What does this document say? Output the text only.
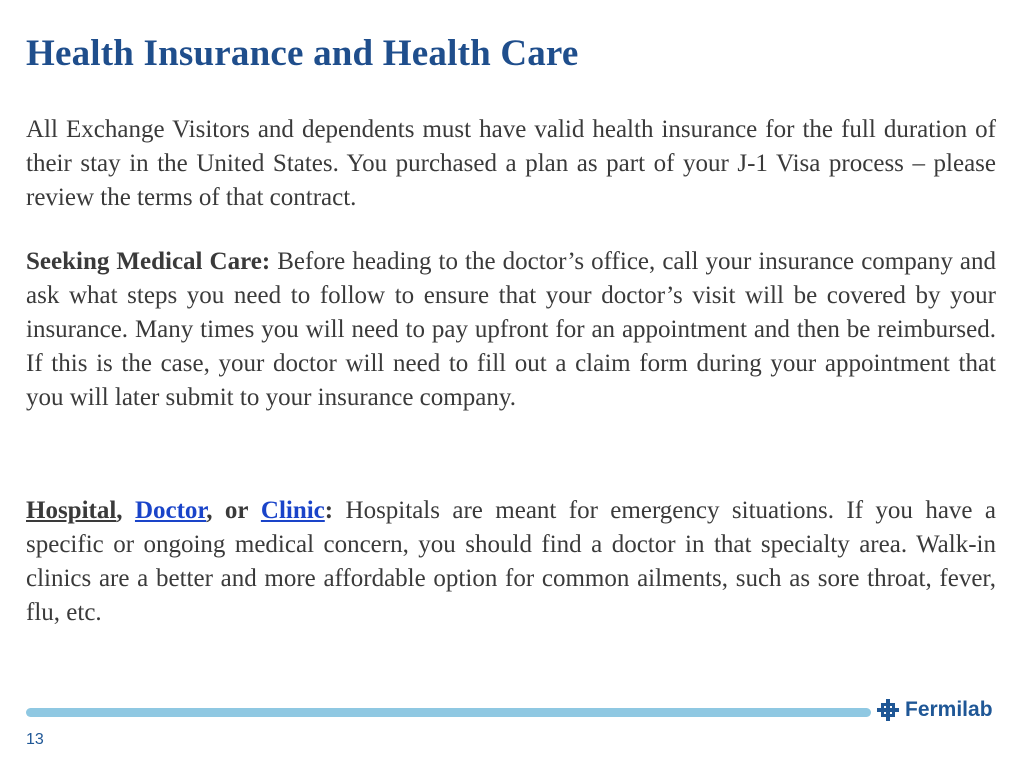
Health Insurance and Health Care

All Exchange Visitors and dependents must have valid health insurance for the full duration of their stay in the United States. You purchased a plan as part of your J-1 Visa process – please review the terms of that contract.

Seeking Medical Care: Before heading to the doctor’s office, call your insurance company and ask what steps you need to follow to ensure that your doctor’s visit will be covered by your insurance. Many times you will need to pay upfront for an appointment and then be reimbursed. If this is the case, your doctor will need to fill out a claim form during your appointment that you will later submit to your insurance company.

Hospital, Doctor, or Clinic: Hospitals are meant for emergency situations. If you have a specific or ongoing medical concern, you should find a doctor in that specialty area. Walk-in clinics are a better and more affordable option for common ailments, such as sore throat, fever, flu, etc.

Fermilab
13
